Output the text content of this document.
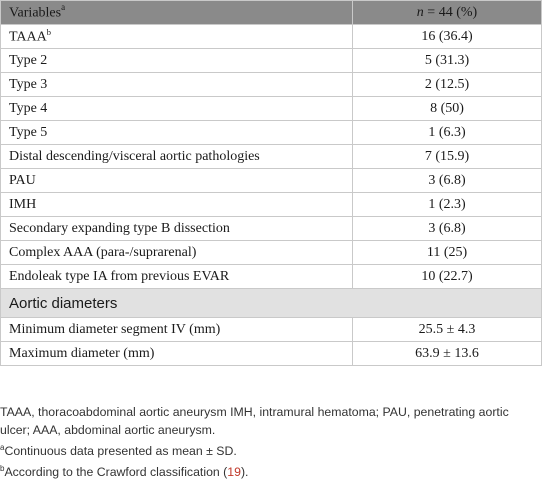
Variables$^a$	n = 44 (%)
TAAA$^b$	16 (36.4)
Type 2	5 (31.3)
Type 3	2 (12.5)
Type 4	8 (50)
Type 5	1 (6.3)
Distal descending/visceral aortic pathologies	7 (15.9)
PAU	3 (6.8)
IMH	1 (2.3)
Secondary expanding type B dissection	3 (6.8)
Complex AAA (para-/suprarenal)	11 (25)
Endoleak type IA from previous EVAR	10 (22.7)
Aortic diameters	
Minimum diameter segment IV (mm)	25.5 ± 4.3
Maximum diameter (mm)	63.9 ± 13.6

TAAA, thoracoabdominal aortic aneurysm IMH, intramural hematoma; PAU, penetrating aortic ulcer; AAA, abdominal aortic aneurysm.

$^a$Continuous data presented as mean ± SD.

$^b$According to the Crawford classification (19).
